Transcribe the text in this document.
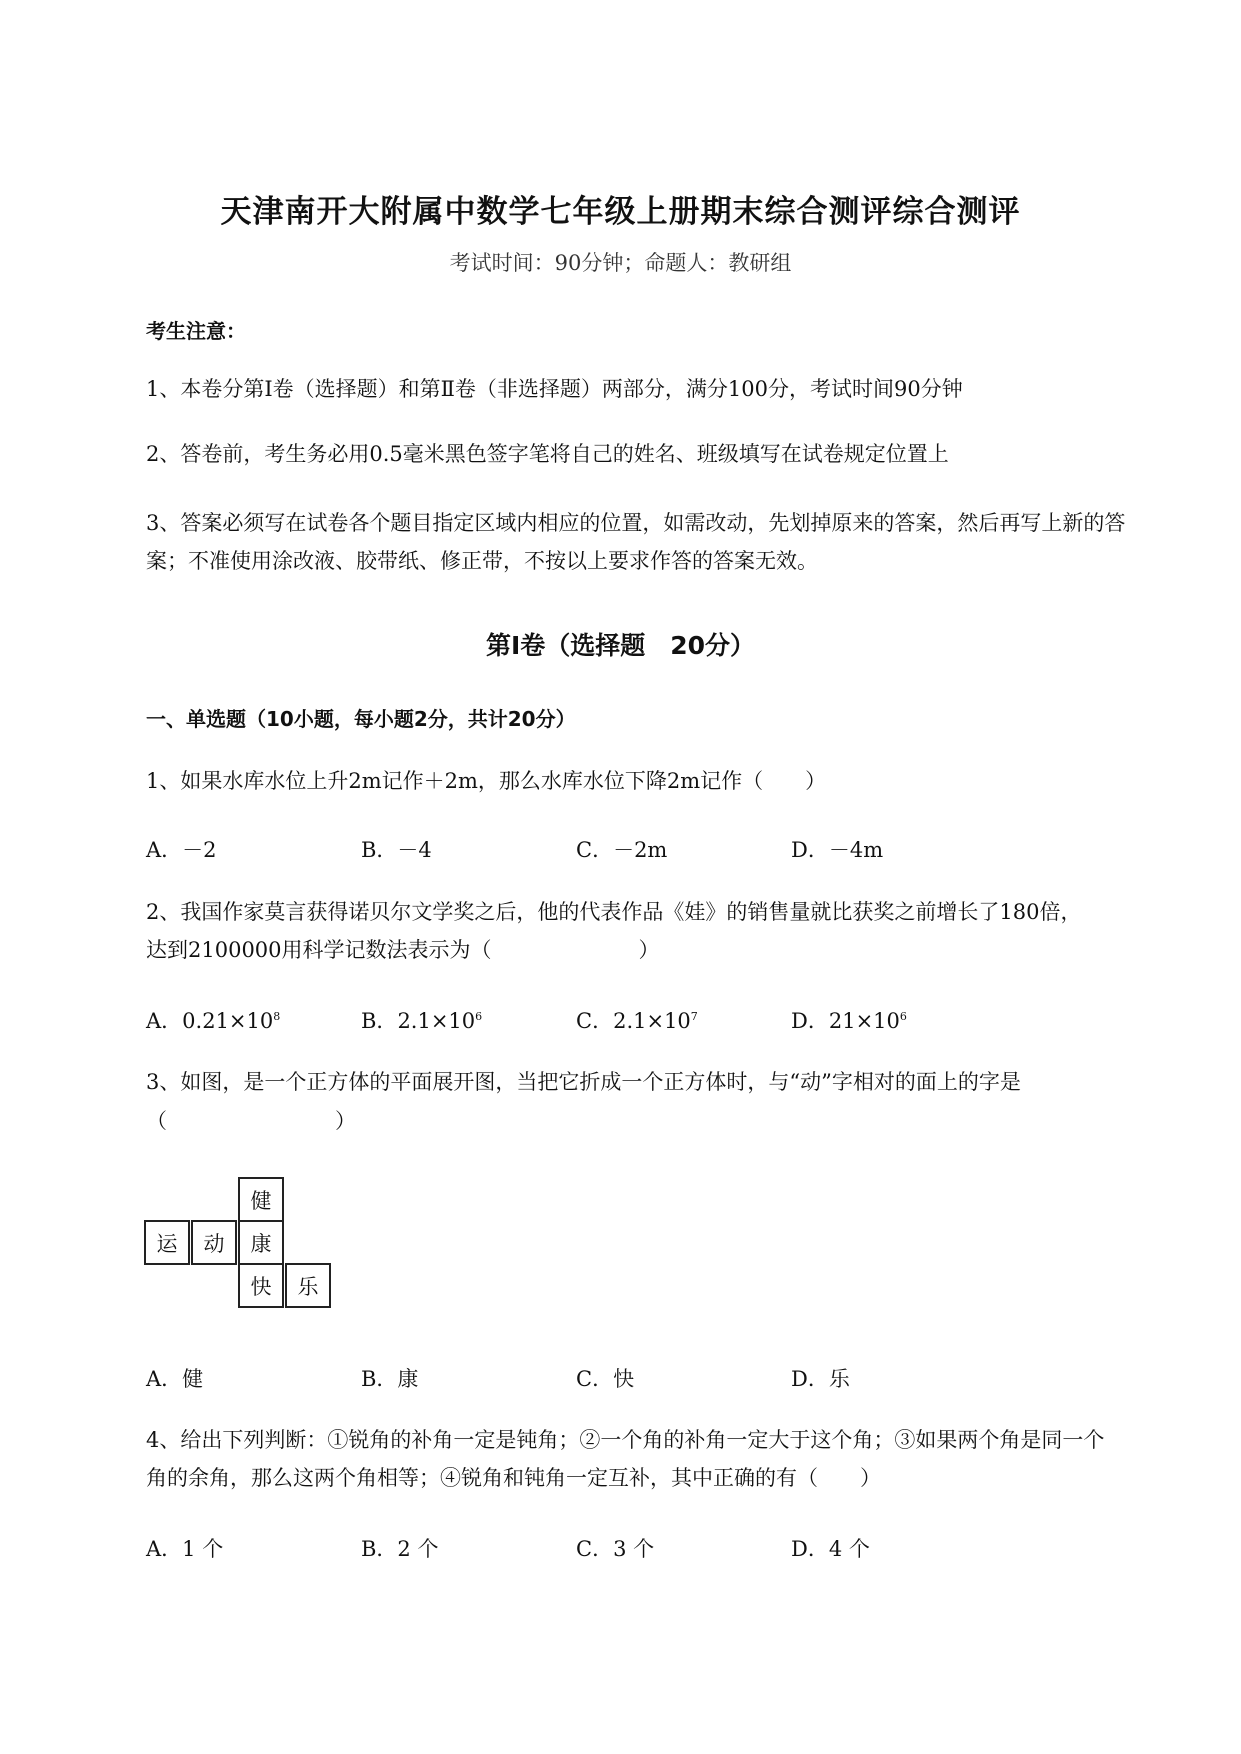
天津南开大附属中数学七年级上册期末综合测评综合测评
考试时间：90分钟；命题人：教研组
考生注意：
1、本卷分第I卷（选择题）和第Ⅱ卷（非选择题）两部分，满分100分，考试时间90分钟
2、答卷前，考生务必用0.5毫米黑色签字笔将自己的姓名、班级填写在试卷规定位置上
3、答案必须写在试卷各个题目指定区域内相应的位置，如需改动，先划掉原来的答案，然后再写上新的答案；不准使用涂改液、胶带纸、修正带，不按以上要求作答的答案无效。
第I卷（选择题　20分）
一、单选题（10小题，每小题2分，共计20分）
1、如果水库水位上升2m记作＋2m，那么水库水位下降2m记作（　　）
A．－2	B．－4	C．－2m	D．－4m
2、我国作家莫言获得诺贝尔文学奖之后，他的代表作品《娃》的销售量就比获奖之前增长了180倍，
达到2100000用科学记数法表示为（　　　　　　　）
A．$0.21\times 10^8$	B．$2.1\times 10^6$	C．$2.1\times 10^7$	D．$21\times 10^6$
3、如图，是一个正方体的平面展开图，当把它折成一个正方体时，与“动”字相对的面上的字是
（　　　　　　　　）
健
运	动	康
快	乐
A．健	B．康	C．快	D．乐
4、给出下列判断：①锐角的补角一定是钝角；②一个角的补角一定大于这个角；③如果两个角是同一个
角的余角，那么这两个角相等；④锐角和钝角一定互补，其中正确的有（　　）
A．1 个	B．2 个	C．3 个	D．4 个
